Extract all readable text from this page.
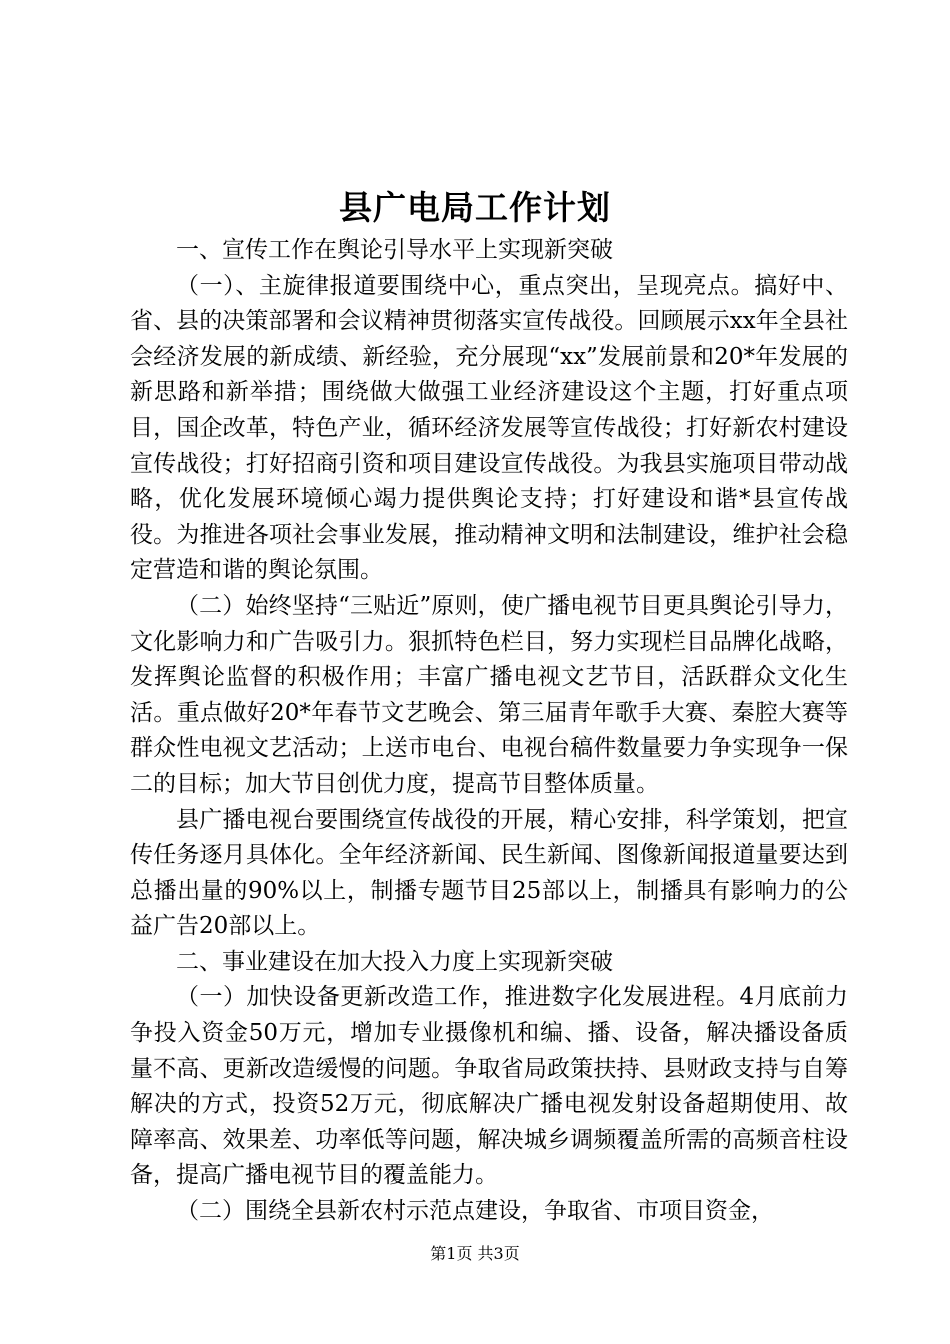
县广电局工作计划

一、宣传工作在舆论引导水平上实现新突破

（一）、主旋律报道要围绕中心，重点突出，呈现亮点。搞好中、省、县的决策部署和会议精神贯彻落实宣传战役。回顾展示xx年全县社会经济发展的新成绩、新经验，充分展现“xx”发展前景和20*年发展的新思路和新举措；围绕做大做强工业经济建设这个主题，打好重点项目，国企改革，特色产业，循环经济发展等宣传战役；打好新农村建设宣传战役；打好招商引资和项目建设宣传战役。为我县实施项目带动战略，优化发展环境倾心竭力提供舆论支持；打好建设和谐*县宣传战役。为推进各项社会事业发展，推动精神文明和法制建设，维护社会稳定营造和谐的舆论氛围。

（二）始终坚持“三贴近”原则，使广播电视节目更具舆论引导力，文化影响力和广告吸引力。狠抓特色栏目，努力实现栏目品牌化战略，发挥舆论监督的积极作用；丰富广播电视文艺节目，活跃群众文化生活。重点做好20*年春节文艺晚会、第三届青年歌手大赛、秦腔大赛等群众性电视文艺活动；上送市电台、电视台稿件数量要力争实现争一保二的目标；加大节目创优力度，提高节目整体质量。

县广播电视台要围绕宣传战役的开展，精心安排，科学策划，把宣传任务逐月具体化。全年经济新闻、民生新闻、图像新闻报道量要达到总播出量的90%以上，制播专题节目25部以上，制播具有影响力的公益广告20部以上。

二、事业建设在加大投入力度上实现新突破

（一）加快设备更新改造工作，推进数字化发展进程。4月底前力争投入资金50万元，增加专业摄像机和编、播、设备，解决播设备质量不高、更新改造缓慢的问题。争取省局政策扶持、县财政支持与自筹解决的方式，投资52万元，彻底解决广播电视发射设备超期使用、故障率高、效果差、功率低等问题，解决城乡调频覆盖所需的高频音柱设备，提高广播电视节目的覆盖能力。

（二）围绕全县新农村示范点建设，争取省、市项目资金，

第1页 共3页
